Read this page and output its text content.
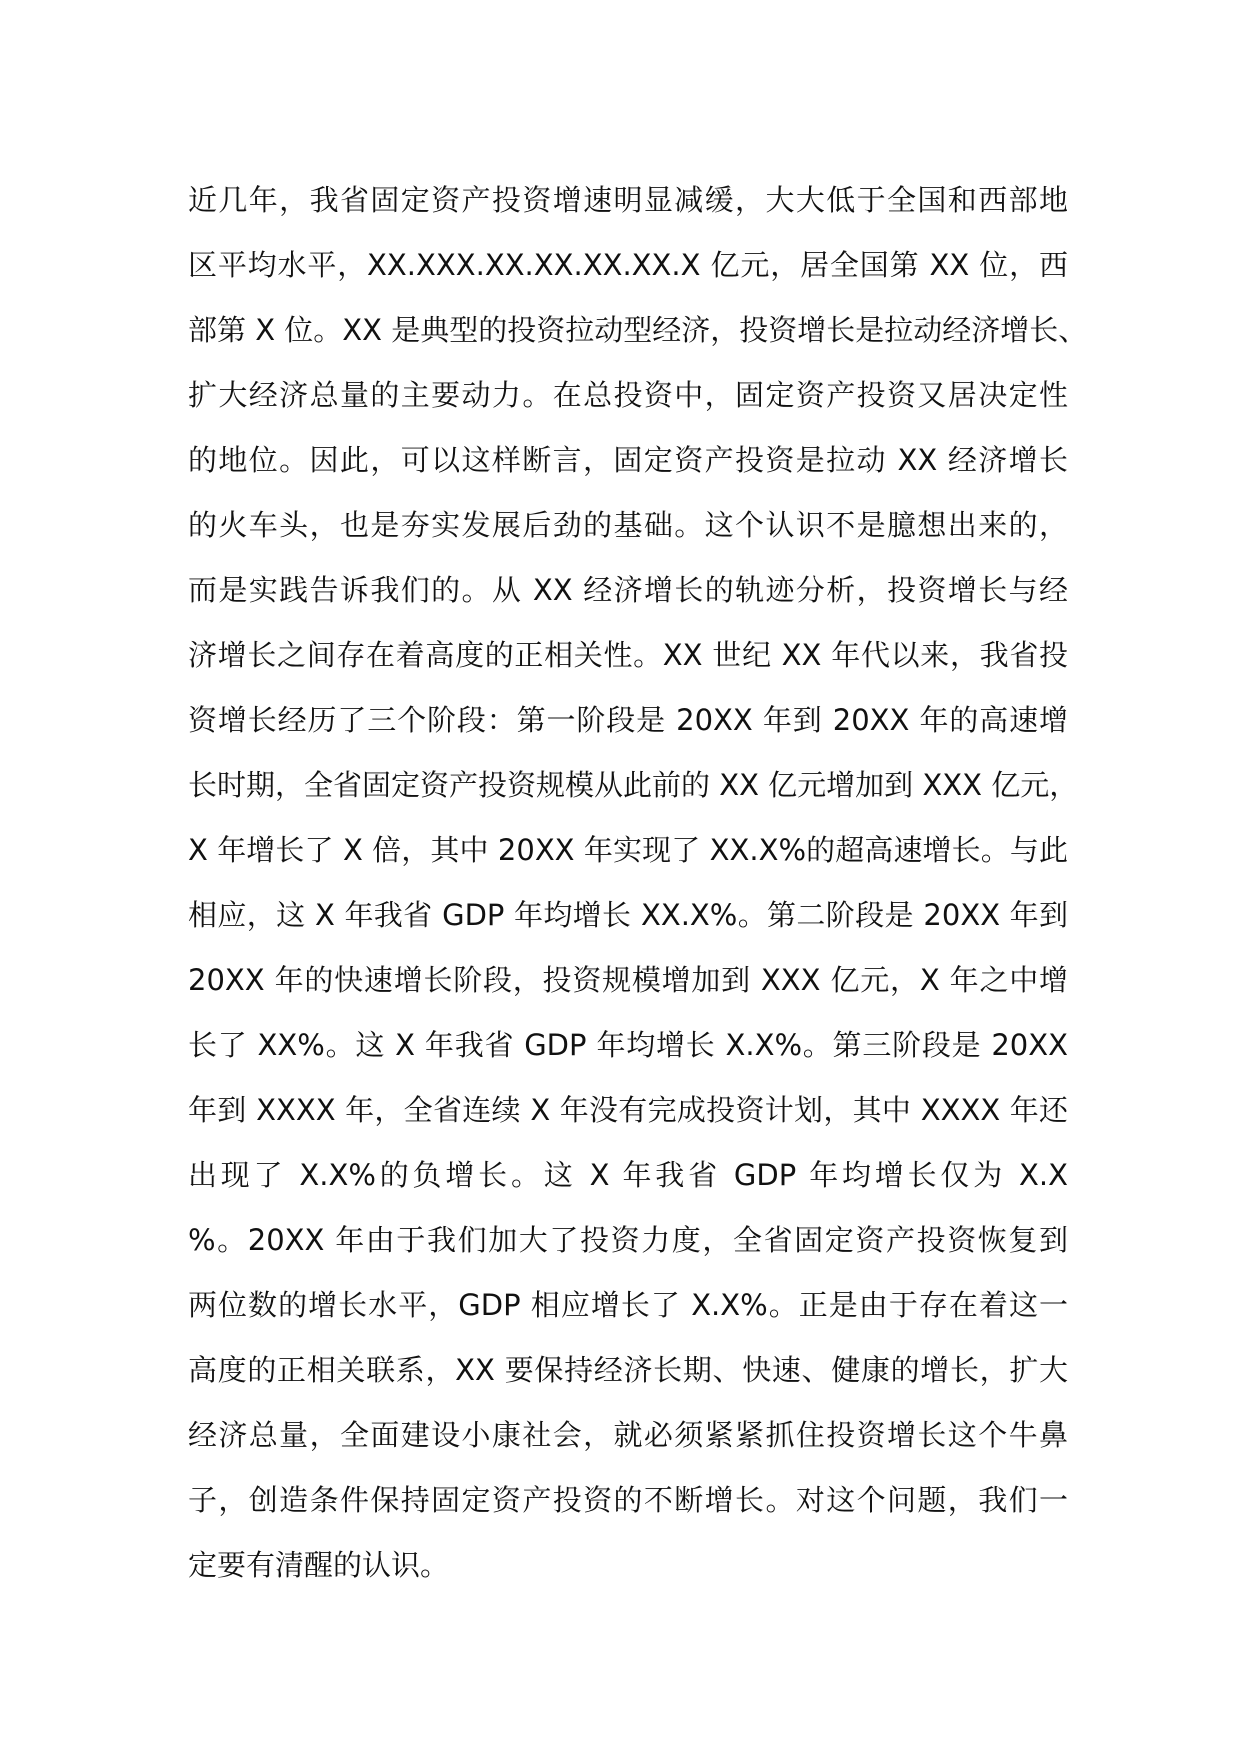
近几年，我省固定资产投资增速明显减缓，大大低于全国和西部地
区平均水平，XX.XXX.XX.XX.XX.XX.X 亿元，居全国第 XX 位，西
部第 X 位。XX 是典型的投资拉动型经济，投资增长是拉动经济增长、
扩大经济总量的主要动力。在总投资中，固定资产投资又居决定性
的地位。因此，可以这样断言，固定资产投资是拉动 XX 经济增长
的火车头，也是夯实发展后劲的基础。这个认识不是臆想出来的，
而是实践告诉我们的。从 XX 经济增长的轨迹分析，投资增长与经
济增长之间存在着高度的正相关性。XX 世纪 XX 年代以来，我省投
资增长经历了三个阶段：第一阶段是 20XX 年到 20XX 年的高速增
长时期，全省固定资产投资规模从此前的 XX 亿元增加到 XXX 亿元，
X 年增长了 X 倍，其中 20XX 年实现了 XX.X%的超高速增长。与此
相应，这 X 年我省 GDP 年均增长 XX.X%。第二阶段是 20XX 年到
20XX 年的快速增长阶段，投资规模增加到 XXX 亿元，X 年之中增
长了 XX%。这 X 年我省 GDP 年均增长 X.X%。第三阶段是 20XX
年到 XXXX 年，全省连续 X 年没有完成投资计划，其中 XXXX 年还
出现了 X.X%的负增长。这 X 年我省 GDP 年均增长仅为 X.X
%。20XX 年由于我们加大了投资力度，全省固定资产投资恢复到
两位数的增长水平，GDP 相应增长了 X.X%。正是由于存在着这一
高度的正相关联系，XX 要保持经济长期、快速、健康的增长，扩大
经济总量，全面建设小康社会，就必须紧紧抓住投资增长这个牛鼻
子，创造条件保持固定资产投资的不断增长。对这个问题，我们一
定要有清醒的认识。
